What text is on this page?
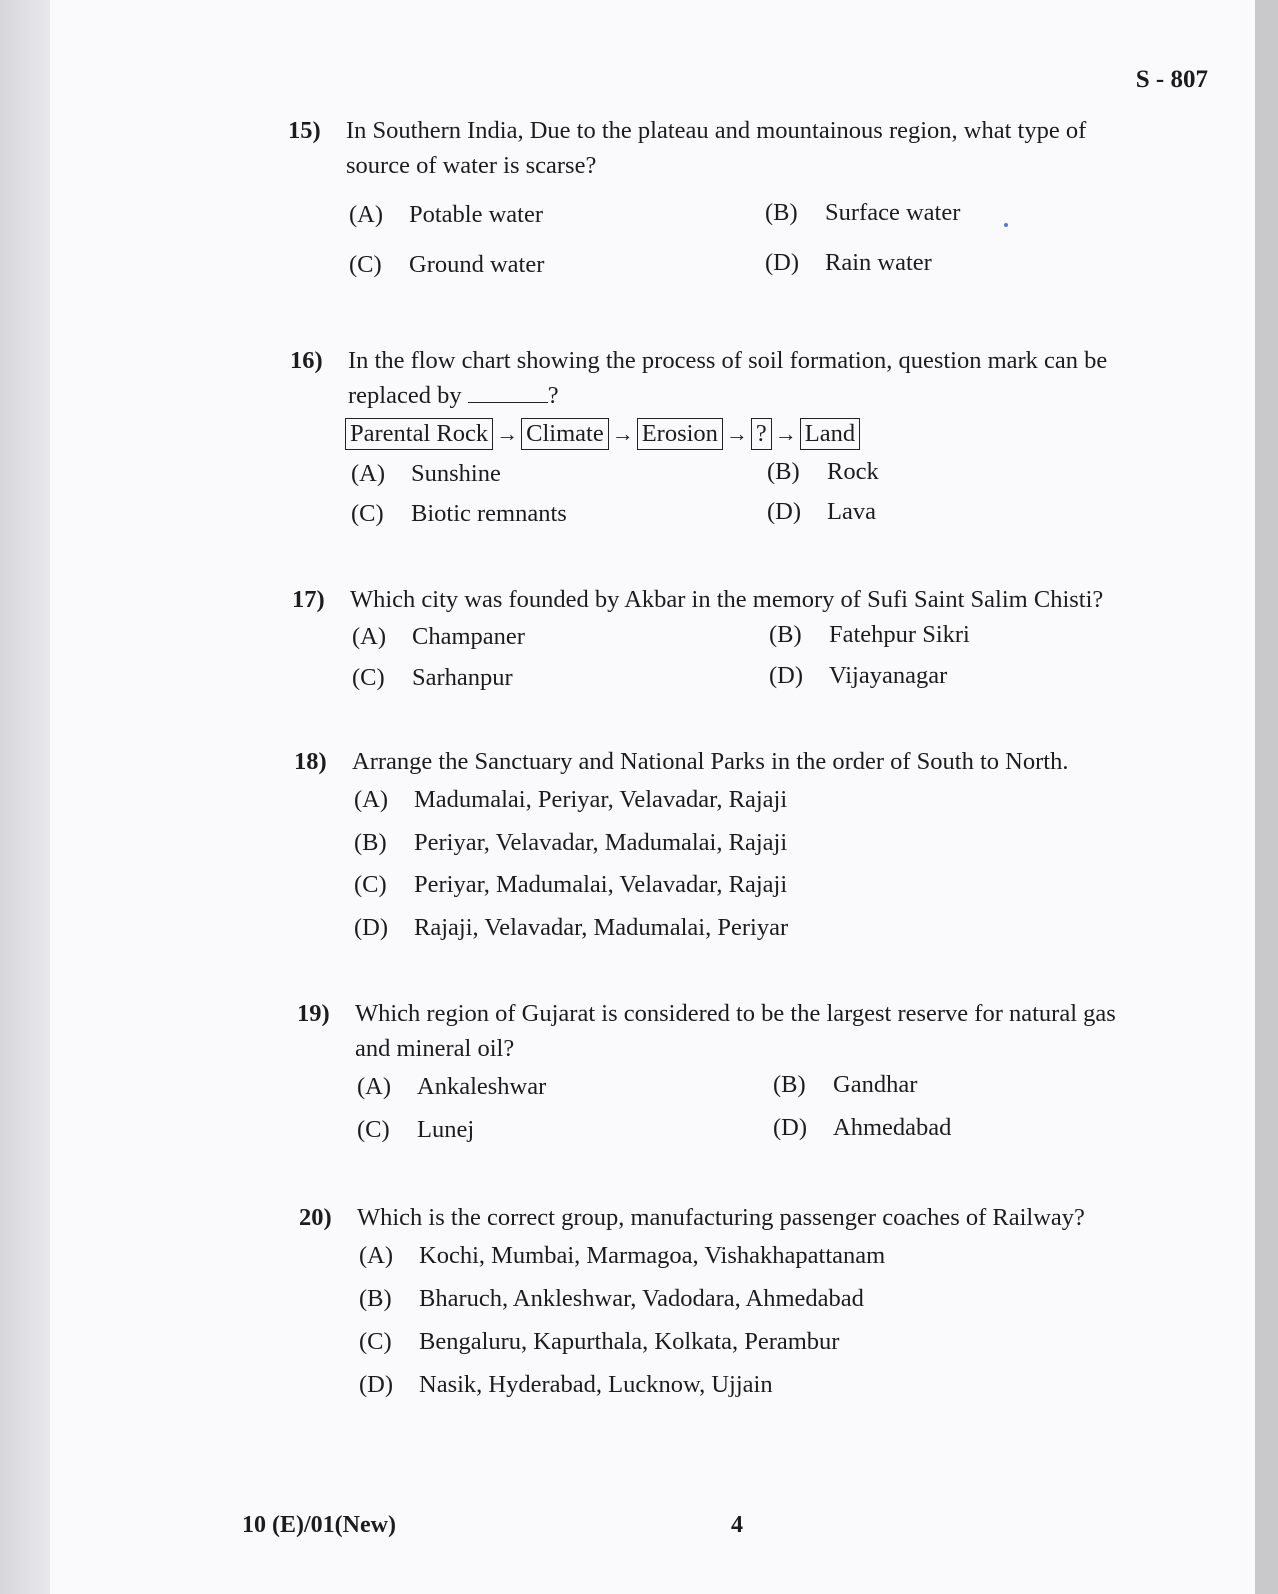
S - 807
15) In Southern India, Due to the plateau and mountainous region, what type of source of water is scarse?
(A) Potable water	(B) Surface water
(C) Ground water	(D) Rain water
16) In the flow chart showing the process of soil formation, question mark can be replaced by	?
Parental Rock → Climate → Erosion → ? → Land
(A) Sunshine	(B) Rock
(C) Biotic remnants	(D) Lava
17) Which city was founded by Akbar in the memory of Sufi Saint Salim Chisti?
(A) Champaner	(B) Fatehpur Sikri
(C) Sarhanpur	(D) Vijayanagar
18) Arrange the Sanctuary and National Parks in the order of South to North.
(A) Madumalai, Periyar, Velavadar, Rajaji
(B) Periyar, Velavadar, Madumalai, Rajaji
(C) Periyar, Madumalai, Velavadar, Rajaji
(D) Rajaji, Velavadar, Madumalai, Periyar
19) Which region of Gujarat is considered to be the largest reserve for natural gas and mineral oil?
(A) Ankaleshwar	(B) Gandhar
(C) Lunej	(D) Ahmedabad
20) Which is the correct group, manufacturing passenger coaches of Railway?
(A) Kochi, Mumbai, Marmagoa, Vishakhapattanam
(B) Bharuch, Ankleshwar, Vadodara, Ahmedabad
(C) Bengaluru, Kapurthala, Kolkata, Perambur
(D) Nasik, Hyderabad, Lucknow, Ujjain
10 (E)/01(New)	4
